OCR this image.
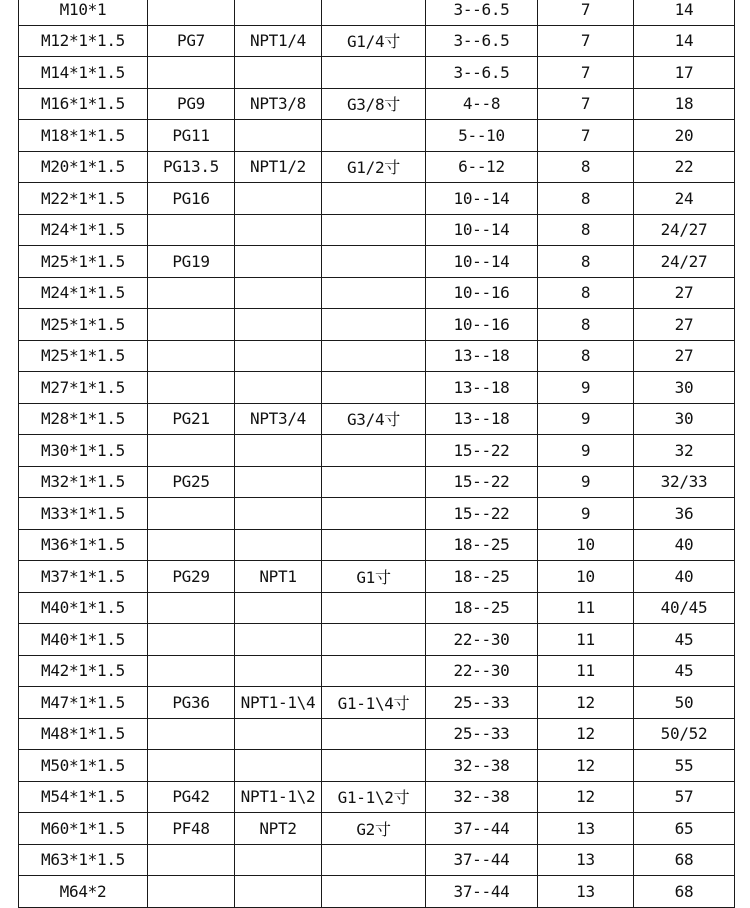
M10*1				3--6.5	7	14
M12*1*1.5	PG7	NPT1/4	G1/4寸	3--6.5	7	14
M14*1*1.5				3--6.5	7	17
M16*1*1.5	PG9	NPT3/8	G3/8寸	4--8	7	18
M18*1*1.5	PG11			5--10	7	20
M20*1*1.5	PG13.5	NPT1/2	G1/2寸	6--12	8	22
M22*1*1.5	PG16			10--14	8	24
M24*1*1.5				10--14	8	24/27
M25*1*1.5	PG19			10--14	8	24/27
M24*1*1.5				10--16	8	27
M25*1*1.5				10--16	8	27
M25*1*1.5				13--18	8	27
M27*1*1.5				13--18	9	30
M28*1*1.5	PG21	NPT3/4	G3/4寸	13--18	9	30
M30*1*1.5				15--22	9	32
M32*1*1.5	PG25			15--22	9	32/33
M33*1*1.5				15--22	9	36
M36*1*1.5				18--25	10	40
M37*1*1.5	PG29	NPT1	G1寸	18--25	10	40
M40*1*1.5				18--25	11	40/45
M40*1*1.5				22--30	11	45
M42*1*1.5				22--30	11	45
M47*1*1.5	PG36	NPT1-1\4	G1-1\4寸	25--33	12	50
M48*1*1.5				25--33	12	50/52
M50*1*1.5				32--38	12	55
M54*1*1.5	PG42	NPT1-1\2	G1-1\2寸	32--38	12	57
M60*1*1.5	PF48	NPT2	G2寸	37--44	13	65
M63*1*1.5				37--44	13	68
M64*2				37--44	13	68
